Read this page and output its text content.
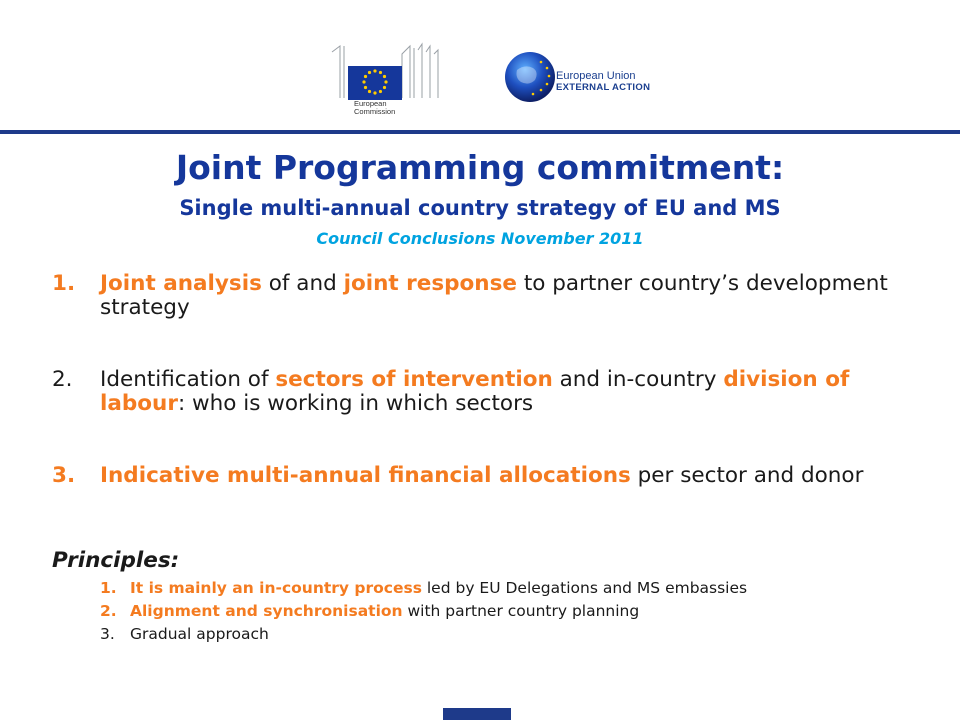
European
Commission
European Union
EXTERNAL ACTION
Joint Programming commitment:
Single multi-annual country strategy of EU and MS
Council Conclusions November 2011
1. Joint analysis of and joint response to partner country’s development strategy
2. Identification of sectors of intervention and in-country division of labour: who is working in which sectors
3. Indicative multi-annual financial allocations per sector and donor
Principles:
1. It is mainly an in-country process led by EU Delegations and MS embassies
2. Alignment and synchronisation with partner country planning
3. Gradual approach
